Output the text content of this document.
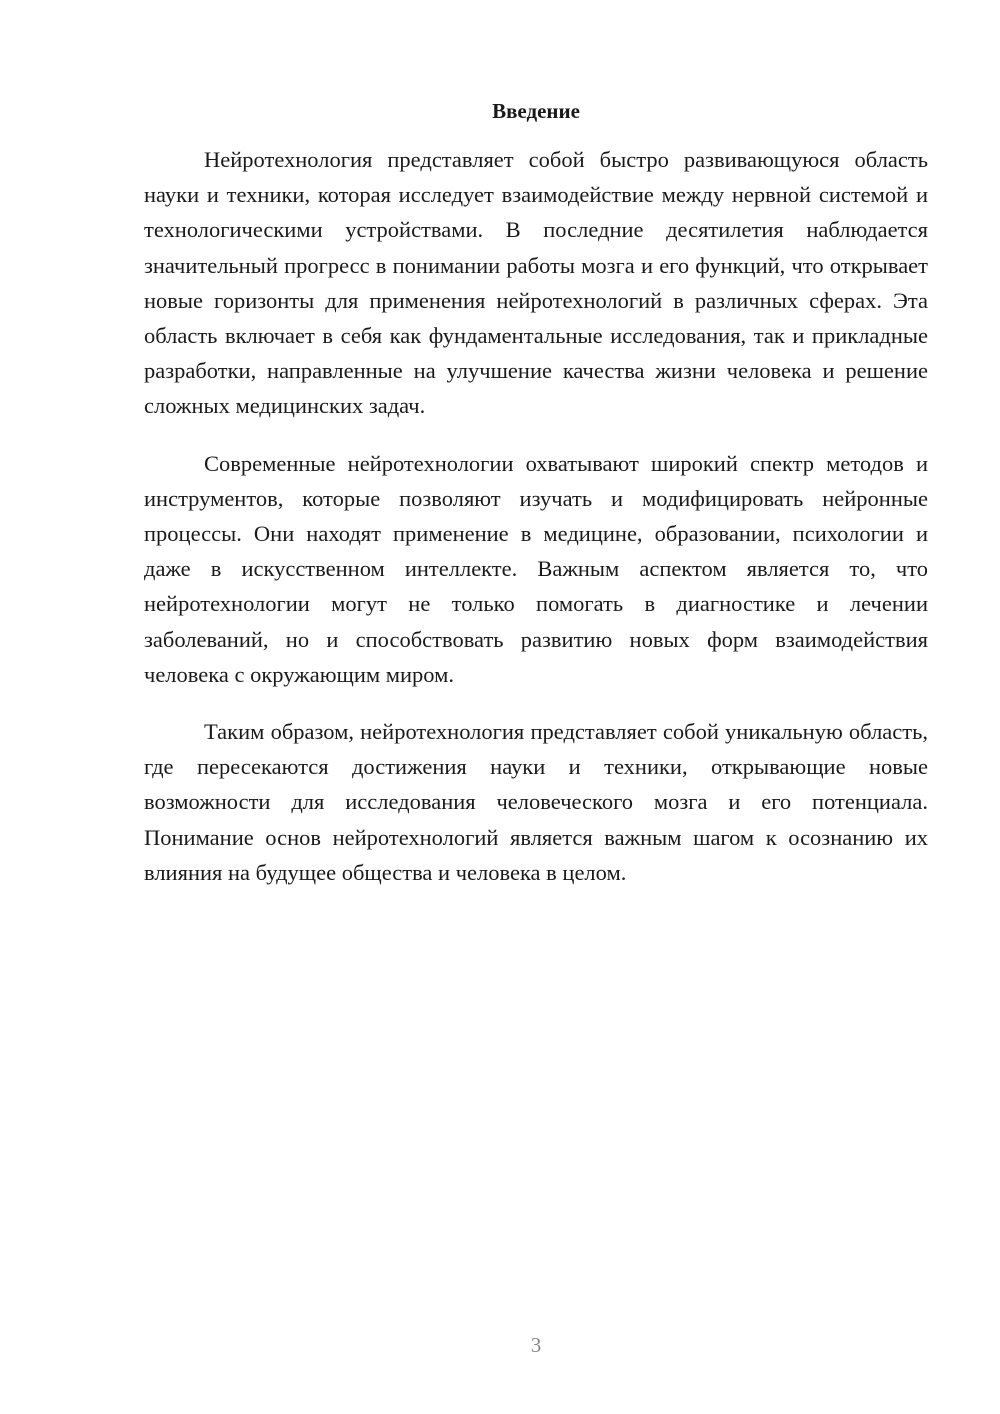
Введение

Нейротехнология представляет собой быстро развивающуюся область науки и техники, которая исследует взаимодействие между нервной системой и технологическими устройствами. В последние десятилетия наблюдается значительный прогресс в понимании работы мозга и его функций, что открывает новые горизонты для применения нейротехнологий в различных сферах. Эта область включает в себя как фундаментальные исследования, так и прикладные разработки, направленные на улучшение качества жизни человека и решение сложных медицинских задач.

Современные нейротехнологии охватывают широкий спектр методов и инструментов, которые позволяют изучать и модифицировать нейронные процессы. Они находят применение в медицине, образовании, психологии и даже в искусственном интеллекте. Важным аспектом является то, что нейротехнологии могут не только помогать в диагностике и лечении заболеваний, но и способствовать развитию новых форм взаимодействия человека с окружающим миром.

Таким образом, нейротехнология представляет собой уникальную область, где пересекаются достижения науки и техники, открывающие новые возможности для исследования человеческого мозга и его потенциала. Понимание основ нейротехнологий является важным шагом к осознанию их влияния на будущее общества и человека в целом.

3
